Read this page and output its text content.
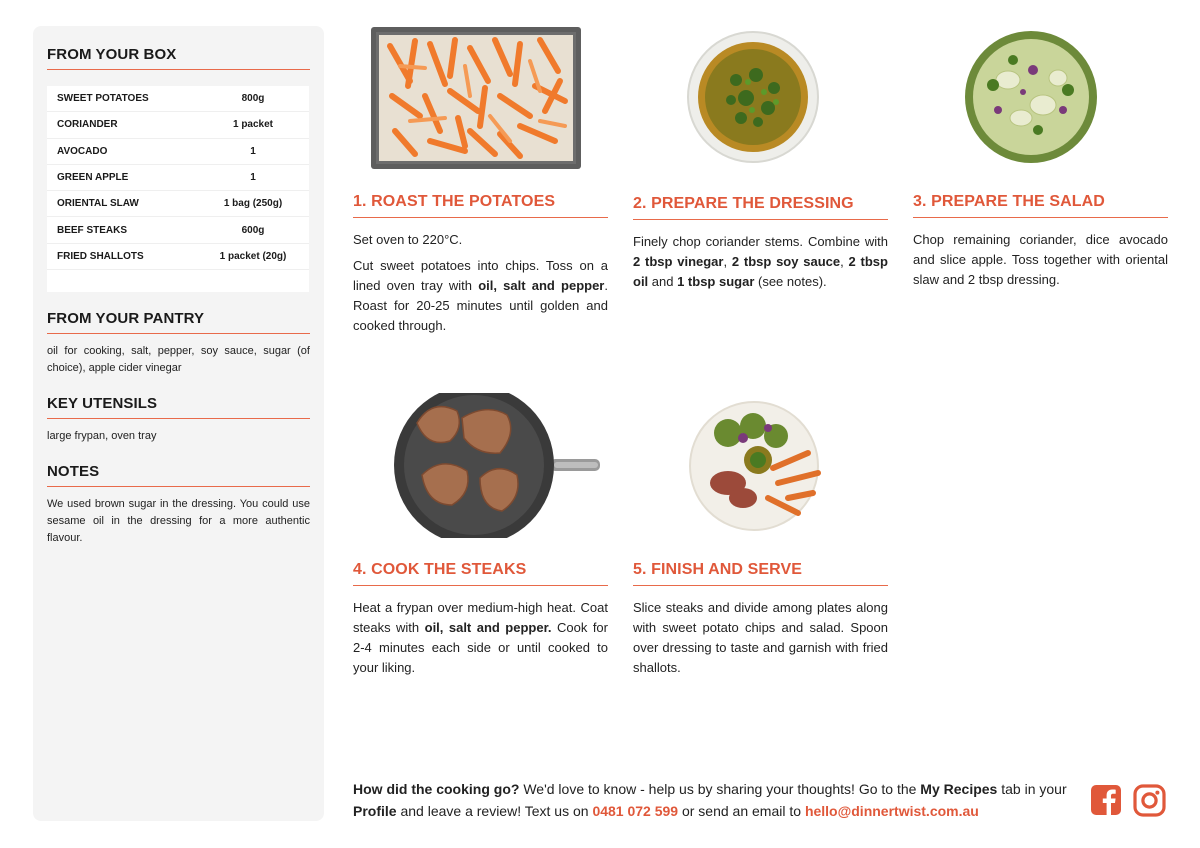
FROM YOUR BOX
SWEET POTATOES	800g
CORIANDER	1 packet
AVOCADO	1
GREEN APPLE	1
ORIENTAL SLAW	1 bag (250g)
BEEF STEAKS	600g
FRIED SHALLOTS	1 packet (20g)
FROM YOUR PANTRY
oil for cooking, salt, pepper, soy sauce, sugar (of choice), apple cider vinegar
KEY UTENSILS
large frypan, oven tray
NOTES
We used brown sugar in the dressing. You could use sesame oil in the dressing for a more authentic flavour.
1. ROAST THE POTATOES

Set oven to 220°C.

Cut sweet potatoes into chips. Toss on a lined oven tray with oil, salt and pepper. Roast for 20-25 minutes until golden and cooked through.

2. PREPARE THE DRESSING

Finely chop coriander stems. Combine with 2 tbsp vinegar, 2 tbsp soy sauce, 2 tbsp oil and 1 tbsp sugar (see notes).

3. PREPARE THE SALAD

Chop remaining coriander, dice avocado and slice apple. Toss together with oriental slaw and 2 tbsp dressing.

4. COOK THE STEAKS

Heat a frypan over medium-high heat. Coat steaks with oil, salt and pepper. Cook for 2-4 minutes each side or until cooked to your liking.

5. FINISH AND SERVE

Slice steaks and divide among plates along with sweet potato chips and salad. Spoon over dressing to taste and garnish with fried shallots.

How did the cooking go? We'd love to know - help us by sharing your thoughts! Go to the My Recipes tab in your Profile and leave a review! Text us on 0481 072 599 or send an email to hello@dinnertwist.com.au
